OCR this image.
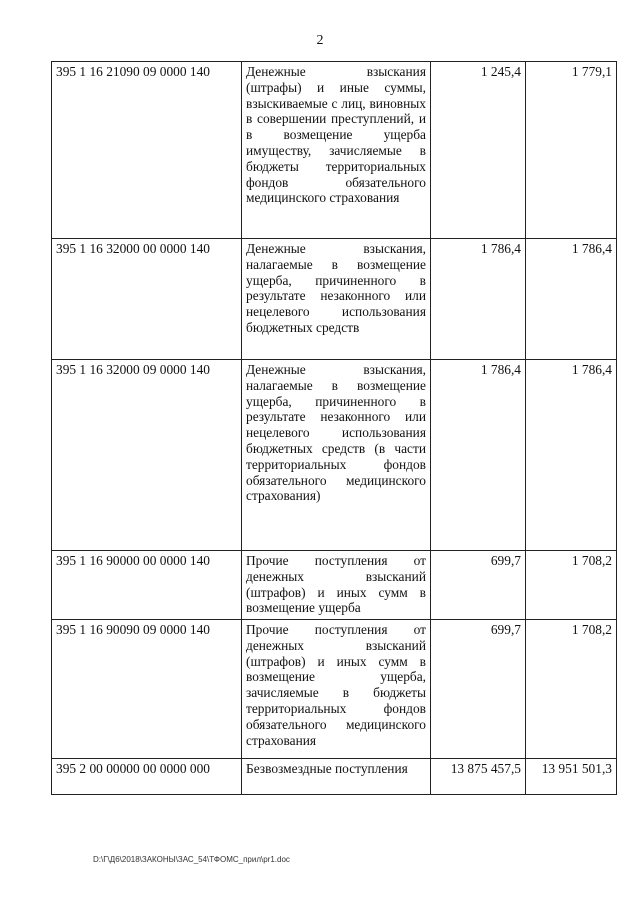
2
395 1 16 21090 09 0000 140	Денежные взыскания (штрафы) и иные суммы, взыскиваемые с лиц, виновных в совершении преступлений, и в возмещение ущерба имуществу, зачисляемые в бюджеты территориальных фондов обязательного медицинского страхования	1 245,4	1 779,1
395 1 16 32000 00 0000 140	Денежные взыскания, налагаемые в возмещение ущерба, причиненного в результате незаконного или нецелевого использования бюджетных средств	1 786,4	1 786,4
395 1 16 32000 09 0000 140	Денежные взыскания, налагаемые в возмещение ущерба, причиненного в результате незаконного или нецелевого использования бюджетных средств (в части территориальных фондов обязательного медицинского страхования)	1 786,4	1 786,4
395 1 16 90000 00 0000 140	Прочие поступления от денежных взысканий (штрафов) и иных сумм в возмещение ущерба	699,7	1 708,2
395 1 16 90090 09 0000 140	Прочие поступления от денежных взысканий (штрафов) и иных сумм в возмещение ущерба, зачисляемые в бюджеты территориальных фондов обязательного медицинского страхования	699,7	1 708,2
395 2 00 00000 00 0000 000	Безвозмездные поступления	13 875 457,5	13 951 501,3
D:\Г\Д6\2018\ЗАКОНЫ\ЗАС_54\ТФОМС_прил\pr1.doc
